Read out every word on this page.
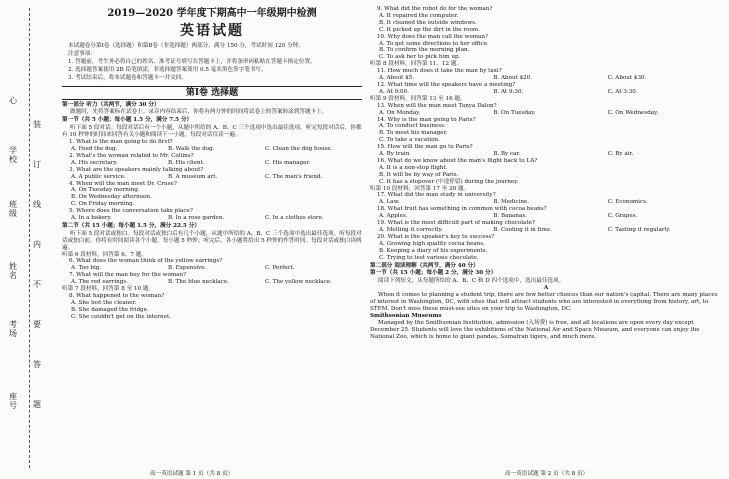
心
学校
班级
姓名
考场
座号
装
订
线
内
不
要
答
题
2019—2020 学年度下期高中一年级期中检测
英语试题
本试题卷分第Ⅰ卷（选择题）和第Ⅱ卷（非选择题）两部分，满分 150 分，考试时间 120 分钟。
注意事项：
1. 答题前，考生务必将自己的姓名、准考证号填写在答题卡上，并将条形码粘贴在答题卡指定位置。
2. 选择题答案使用 2B 铅笔填涂，非选择题答案使用 0.5 毫米黑色签字笔书写。
3. 考试结束后，将本试题卷和答题卡一并交回。
第Ⅰ卷 选择题
第一部分 听力（共两节，满分 30 分）
做题时，先将答案标在试卷上。录音内容结束后，你将有两分钟的时间将试卷上的答案转涂到答题卡上。
第一节（共 5 小题；每小题 1.5 分，满分 7.5 分）
听下面 5 段对话。每段对话后有一个小题，从题中所给的 A、B、C 三个选项中选出最佳选项。听完每段对话后，你都有 10 秒钟的时间来回答有关小题和阅读下一小题。每段对话仅读一遍。
1. What is the man going to do first?
A. Feed the dog.	B. Walk the dog.	C. Clean the dog house.
2. What's the woman related to Mr. Collins?
A. His secretary.	B. His client.	C. His manager.
3. What are the speakers mainly talking about?
A. A public service.	B. A museum art.	C. The man's friend.
4. When will the man meet Dr. Cruse?
A. On Tuesday morning.
B. On Wednesday afternoon.
C. On Friday morning.
5. Where does the conversation take place?
A. In a bakery.	B. In a rose garden.	C. In a clothes store.
第二节（共 15 小题；每小题 1.5 分，满分 22.5 分）
听下面 5 段对话或独白。每段对话或独白后有几个小题，从题中所给的 A、B、C 三个选项中选出最佳选项。听每段对话或独白前，你将有时间阅读各个小题，每小题 5 秒钟；听完后，各小题将给出 5 秒钟的作答时间。每段对话或独白读两遍。
听第 6 段材料，回答第 6、7 题。
6. What does the woman think of the yellow earrings?
A. Too big.	B. Expensive.	C. Perfect.
7. What will the man buy for the woman?
A. The red earrings.	B. The blue necklace.	C. The yellow necklace.
听第 7 段材料，回答第 8 至 10 题。
8. What happened to the woman?
A. She lost the cleaner.
B. She damaged the fridge.
C. She couldn't get on the internet.
9. What did the robot do for the woman?
A. It repaired the computer.
B. It cleaned the outside windows.
C. It picked up the dirt in the room.
10. Why does the man call the woman?
A. To get some directions to her office.
B. To confirm the morning plan.
C. To ask her to pick him up.
听第 8 段材料，回答第 11、12 题。
11. How much does it take the man by taxi?
A. About $5.	B. About $20.	C. About $30.
12. What time will the speakers have a meeting?
A. At 9:00.	B. At 9:30.	C. At 3:30.
听第 9 段材料，回答第 13 至 16 题。
13. When will the man meet Tanya Dalon?
A. On Monday.	B. On Tuesday.	C. On Wednesday.
14. Why is the man going to Paris?
A. To conduct business.
B. To meet his manager.
C. To take a vacation.
15. How will the man go to Paris?
A. By train.	B. By car.	C. By air.
16. What do we know about the man's flight back to LA?
A. It is a non-stop flight.
B. It will be by way of Paris.
C. It has a stopover (中途停留) during the journey.
听第 10 段材料，回答第 17 至 20 题。
17. What did the man study in university?
A. Law.	B. Medicine.	C. Economics.
18. What fruit has something in common with cocoa beans?
A. Apples.	B. Bananas.	C. Grapes.
19. What is the most difficult part of making chocolate?
A. Melting it correctly.	B. Cooling it in time.	C. Tasting it regularly.
20. What is the speaker's key to success?
A. Growing high quality cocoa beans.
B. Keeping a diary of his experiments.
C. Trying to test various chocolate.
第二部分 阅读理解（共两节，满分 40 分）
第一节（共 15 小题；每小题 2 分，满分 30 分）
阅读下列短文，从每题所给的 A、B、C 和 D 四个选项中，选出最佳选项。
A
When it comes to planning a student trip, there are few better choices than our nation's capital. There are many places of interest in Washington, DC, with sites that will attract students who are interested in everything from history, art, to STEM. Don't miss these must-see sites on your trip to Washington, DC.
Smithsonian Museums
Managed by the Smithsonian Institution, admission (入场费) is free, and all locations are open every day except December 25. Students will love the exhibitions of the National Air and Space Museum, and everyone can enjoy the National Zoo, which is home to giant pandas, Sumatran tigers, and much more.
高一英语试题 第 1 页（共 8 页）	高一英语试题 第 2 页（共 8 页）
